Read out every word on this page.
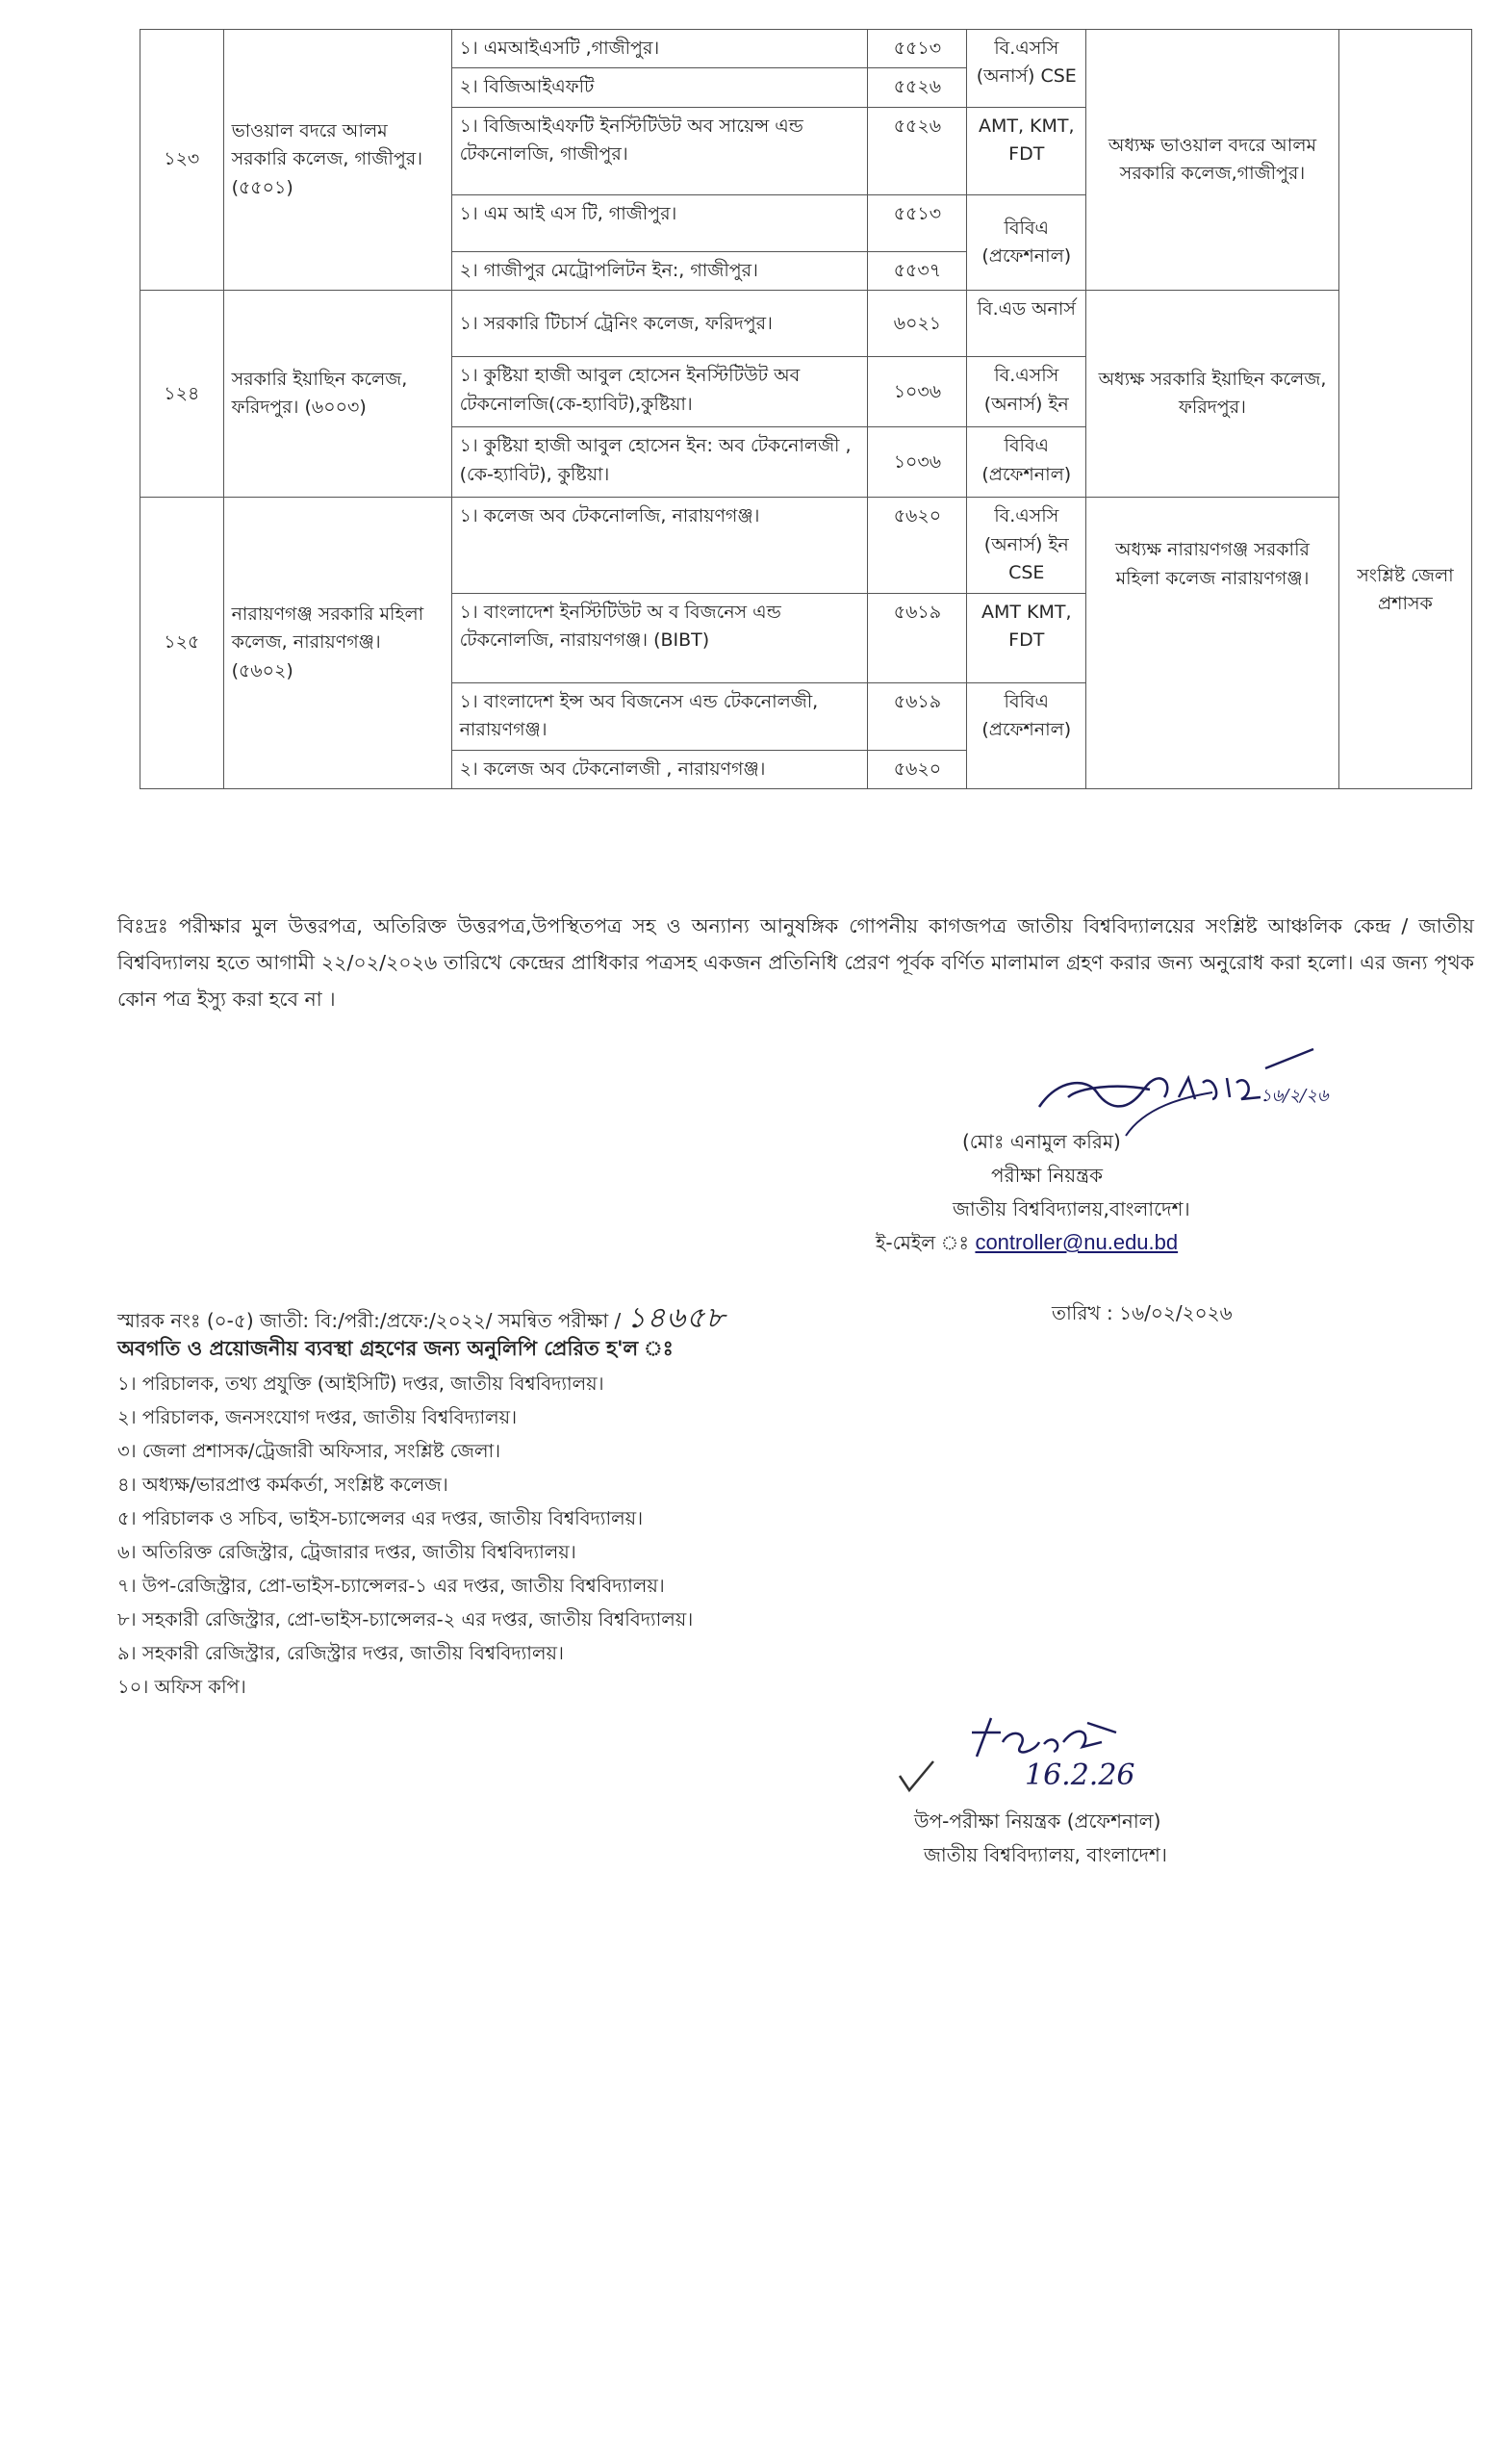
১২৩	ভাওয়াল বদরে আলম সরকারি কলেজ, গাজীপুর। (৫৫০১)	১। এমআইএসটি ,গাজীপুর।	৫৫১৩	বি.এসসি (অনার্স) CSE	অধ্যক্ষ ভাওয়াল বদরে আলম সরকারি কলেজ,গাজীপুর।	সংশ্লিষ্ট জেলা প্রশাসক
		২। বিজিআইএফটি	৫৫২৬			
		১। বিজিআইএফটি ইনস্টিটিউট অব সায়েন্স এন্ড টেকনোলজি, গাজীপুর।	৫৫২৬	AMT, KMT, FDT		
		১। এম আই এস টি, গাজীপুর।	৫৫১৩	বিবিএ (প্রফেশনাল)		
		২। গাজীপুর মেট্রোপলিটন ইন:, গাজীপুর।	৫৫৩৭			
১২৪	সরকারি ইয়াছিন কলেজ, ফরিদপুর। (৬০০৩)	১। সরকারি টিচার্স ট্রেনিং কলেজ, ফরিদপুর।	৬০২১	বি.এড অনার্স	অধ্যক্ষ সরকারি ইয়াছিন কলেজ, ফরিদপুর।	
		১। কুষ্টিয়া হাজী আবুল হোসেন ইনস্টিটিউট অব টেকনোলজি(কে-হ্যাবিট),কুষ্টিয়া।	১০৩৬	বি.এসসি (অনার্স) ইন		
		১। কুষ্টিয়া হাজী আবুল হোসেন ইন: অব টেকনোলজী , (কে-হ্যাবিট), কুষ্টিয়া।	১০৩৬	বিবিএ (প্রফেশনাল)		
১২৫	নারায়ণগঞ্জ সরকারি মহিলা কলেজ, নারায়ণগঞ্জ। (৫৬০২)	১। কলেজ অব টেকনোলজি, নারায়ণগঞ্জ।	৫৬২০	বি.এসসি (অনার্স) ইন CSE	অধ্যক্ষ নারায়ণগঞ্জ সরকারি মহিলা কলেজ নারায়ণগঞ্জ।	
		১। বাংলাদেশ ইনস্টিটিউট অ ব বিজনেস এন্ড টেকনোলজি, নারায়ণগঞ্জ। (BIBT)	৫৬১৯	AMT KMT, FDT		
		১। বাংলাদেশ ইন্স অব বিজনেস এন্ড টেকনোলজী, নারায়ণগঞ্জ।	৫৬১৯	বিবিএ (প্রফেশনাল)		
		২। কলেজ অব টেকনোলজী , নারায়ণগঞ্জ।	৫৬২০			

বিঃদ্রঃ পরীক্ষার মুল উত্তরপত্র, অতিরিক্ত উত্তরপত্র,উপস্থিতপত্র সহ ও অন্যান্য আনুষঙ্গিক গোপনীয় কাগজপত্র জাতীয় বিশ্ববিদ্যালয়ের সংশ্লিষ্ট আঞ্চলিক কেন্দ্র / জাতীয় বিশ্ববিদ্যালয় হতে আগামী ২২/০২/২০২৬ তারিখে কেন্দ্রের প্রাধিকার পত্রসহ একজন প্রতিনিধি প্রেরণ পূর্বক বর্ণিত মালামাল গ্রহণ করার জন্য অনুরোধ করা হলো। এর জন্য পৃথক কোন পত্র ইস্যু করা হবে না ।

১৬/২/২৬
(মোঃ এনামুল করিম)
পরীক্ষা নিয়ন্ত্রক
জাতীয় বিশ্ববিদ্যালয়,বাংলাদেশ।
ই-মেইল ঃ controller@nu.edu.bd
স্মারক নংঃ (০-৫) জাতী: বি:/পরী:/প্রফে:/২০২২/ সমন্বিত পরীক্ষা / ১৪৬৫৮	তারিখ : ১৬/০২/২০২৬
অবগতি ও প্রয়োজনীয় ব্যবস্থা গ্রহণের জন্য অনুলিপি প্রেরিত হ'ল ঃ
১। পরিচালক, তথ্য প্রযুক্তি (আইসিটি) দপ্তর, জাতীয় বিশ্ববিদ্যালয়।
২। পরিচালক, জনসংযোগ দপ্তর, জাতীয় বিশ্ববিদ্যালয়।
৩। জেলা প্রশাসক/ট্রেজারী অফিসার, সংশ্লিষ্ট জেলা।
৪। অধ্যক্ষ/ভারপ্রাপ্ত কর্মকর্তা, সংশ্লিষ্ট কলেজ।
৫। পরিচালক ও সচিব, ভাইস-চ্যান্সেলর এর দপ্তর, জাতীয় বিশ্ববিদ্যালয়।
৬। অতিরিক্ত রেজিস্ট্রার, ট্রেজারার দপ্তর, জাতীয় বিশ্ববিদ্যালয়।
৭। উপ-রেজিস্ট্রার, প্রো-ভাইস-চ্যান্সেলর-১ এর দপ্তর, জাতীয় বিশ্ববিদ্যালয়।
৮। সহকারী রেজিস্ট্রার, প্রো-ভাইস-চ্যান্সেলর-২ এর দপ্তর, জাতীয় বিশ্ববিদ্যালয়।
৯। সহকারী রেজিস্ট্রার, রেজিস্ট্রার দপ্তর, জাতীয় বিশ্ববিদ্যালয়।
১০। অফিস কপি।
16.2.26
উপ-পরীক্ষা নিয়ন্ত্রক (প্রফেশনাল)
জাতীয় বিশ্ববিদ্যালয়, বাংলাদেশ।
